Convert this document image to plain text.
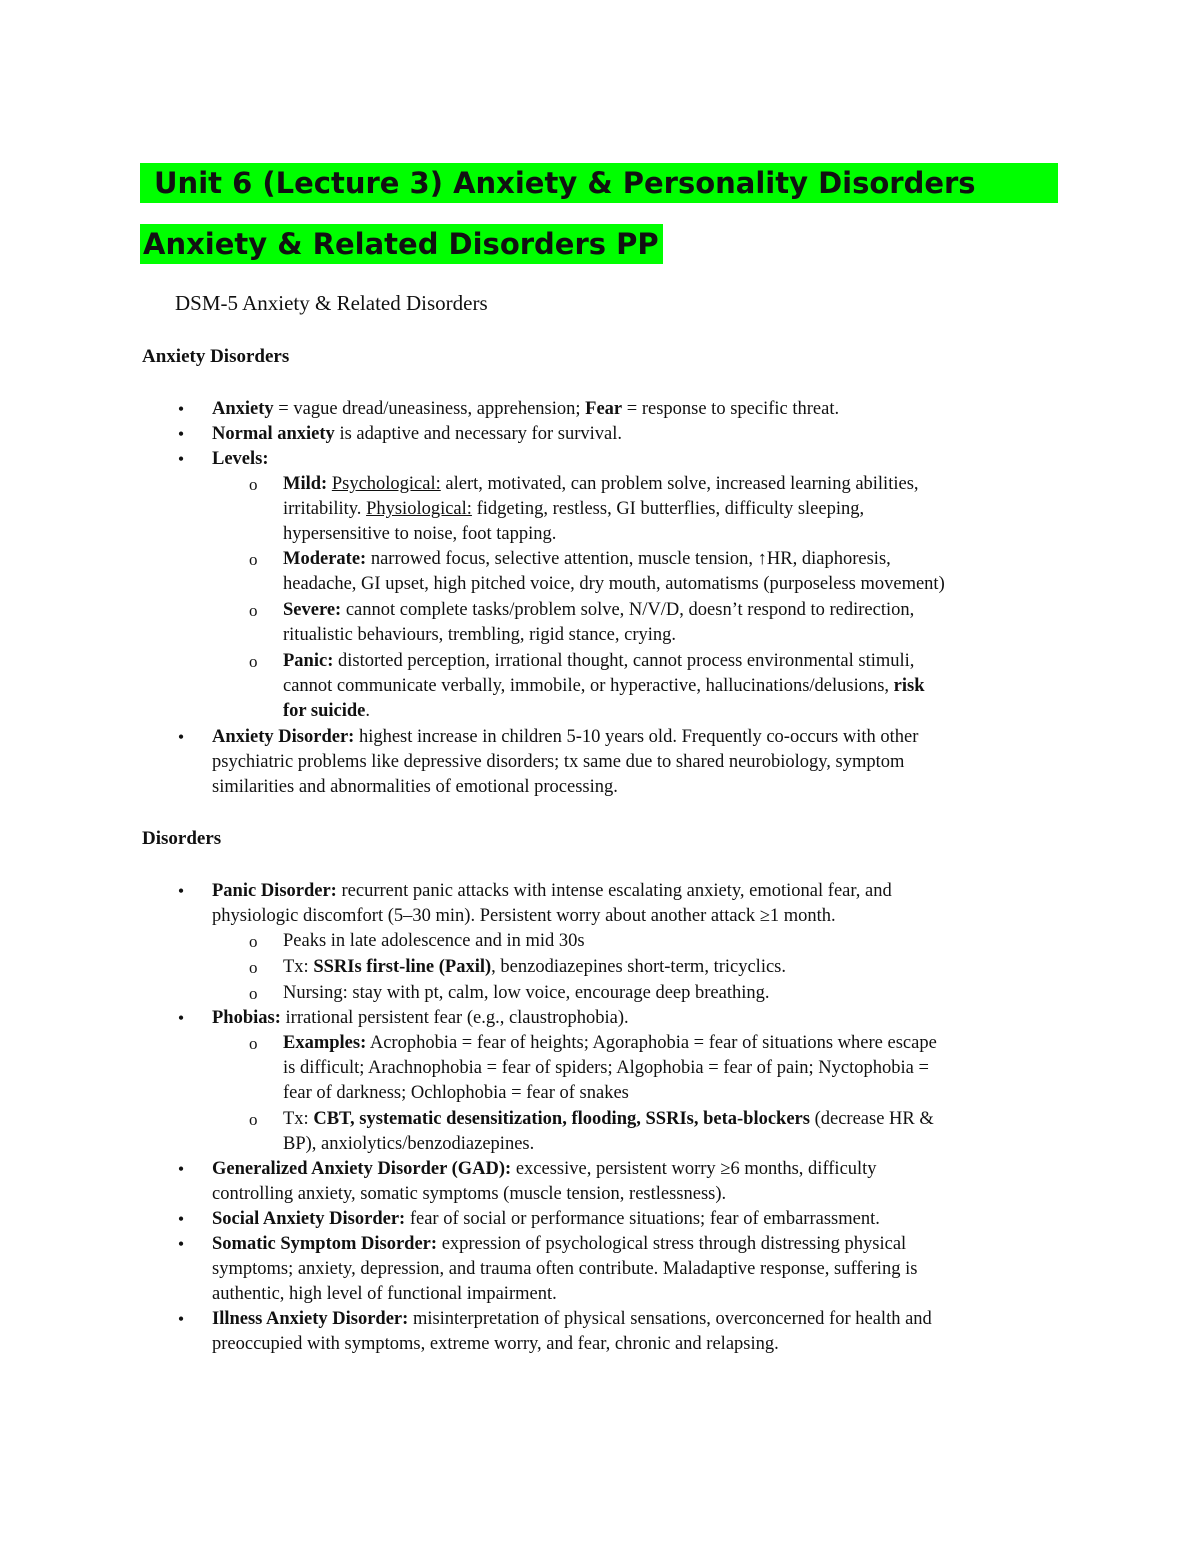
Unit 6 (Lecture 3) Anxiety & Personality Disorders
Anxiety & Related Disorders PP
DSM-5 Anxiety & Related Disorders
Anxiety Disorders
• Anxiety = vague dread/uneasiness, apprehension; Fear = response to specific threat.
• Normal anxiety is adaptive and necessary for survival.
• Levels:
o Mild: Psychological: alert, motivated, can problem solve, increased learning abilities,
irritability. Physiological: fidgeting, restless, GI butterflies, difficulty sleeping,
hypersensitive to noise, foot tapping.
o Moderate: narrowed focus, selective attention, muscle tension, ↑HR, diaphoresis,
headache, GI upset, high pitched voice, dry mouth, automatisms (purposeless movement)
o Severe: cannot complete tasks/problem solve, N/V/D, doesn’t respond to redirection,
ritualistic behaviours, trembling, rigid stance, crying.
o Panic: distorted perception, irrational thought, cannot process environmental stimuli,
cannot communicate verbally, immobile, or hyperactive, hallucinations/delusions, risk
for suicide.
• Anxiety Disorder: highest increase in children 5-10 years old. Frequently co-occurs with other
psychiatric problems like depressive disorders; tx same due to shared neurobiology, symptom
similarities and abnormalities of emotional processing.
Disorders
• Panic Disorder: recurrent panic attacks with intense escalating anxiety, emotional fear, and
physiologic discomfort (5–30 min). Persistent worry about another attack ≥1 month.
o Peaks in late adolescence and in mid 30s
o Tx: SSRIs first-line (Paxil), benzodiazepines short-term, tricyclics.
o Nursing: stay with pt, calm, low voice, encourage deep breathing.
• Phobias: irrational persistent fear (e.g., claustrophobia).
o Examples: Acrophobia = fear of heights; Agoraphobia = fear of situations where escape
is difficult; Arachnophobia = fear of spiders; Algophobia = fear of pain; Nyctophobia =
fear of darkness; Ochlophobia = fear of snakes
o Tx: CBT, systematic desensitization, flooding, SSRIs, beta-blockers (decrease HR &
BP), anxiolytics/benzodiazepines.
• Generalized Anxiety Disorder (GAD): excessive, persistent worry ≥6 months, difficulty
controlling anxiety, somatic symptoms (muscle tension, restlessness).
• Social Anxiety Disorder: fear of social or performance situations; fear of embarrassment.
• Somatic Symptom Disorder: expression of psychological stress through distressing physical
symptoms; anxiety, depression, and trauma often contribute. Maladaptive response, suffering is
authentic, high level of functional impairment.
• Illness Anxiety Disorder: misinterpretation of physical sensations, overconcerned for health and
preoccupied with symptoms, extreme worry, and fear, chronic and relapsing.
